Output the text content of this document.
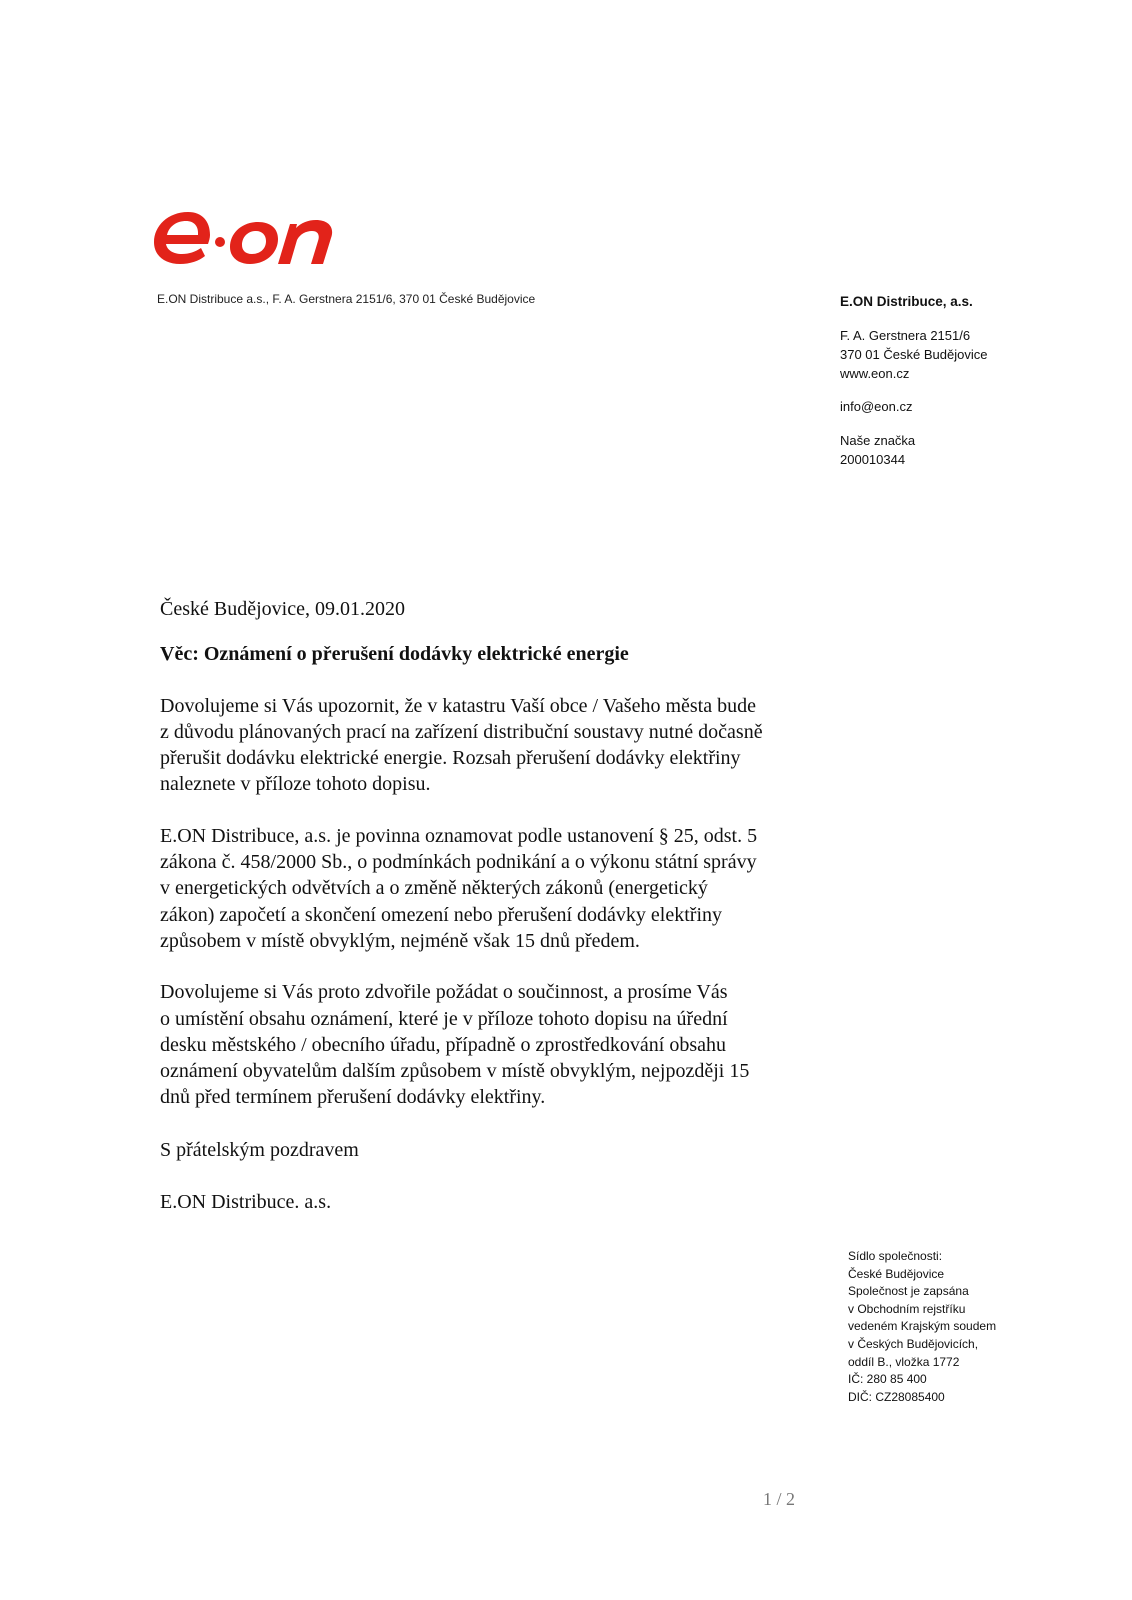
E.ON Distribuce a.s., F. A. Gerstnera 2151/6, 370 01 České Budějovice	E.ON Distribuce, a.s.
F. A. Gerstnera 2151/6
370 01 České Budějovice
www.eon.cz
info@eon.cz
Naše značka
200010344

České Budějovice, 09.01.2020

Věc: Oznámení o přerušení dodávky elektrické energie

Dovolujeme si Vás upozornit, že v katastru Vaší obce / Vašeho města bude
z důvodu plánovaných prací na zařízení distribuční soustavy nutné dočasně
přerušit dodávku elektrické energie. Rozsah přerušení dodávky elektřiny
naleznete v příloze tohoto dopisu.

E.ON Distribuce, a.s. je povinna oznamovat podle ustanovení § 25, odst. 5
zákona č. 458/2000 Sb., o podmínkách podnikání a o výkonu státní správy
v energetických odvětvích a o změně některých zákonů (energetický
zákon) započetí a skončení omezení nebo přerušení dodávky elektřiny
způsobem v místě obvyklým, nejméně však 15 dnů předem.

Dovolujeme si Vás proto zdvořile požádat o součinnost, a prosíme Vás
o umístění obsahu oznámení, které je v příloze tohoto dopisu na úřední
desku městského / obecního úřadu, případně o zprostředkování obsahu
oznámení obyvatelům dalším způsobem v místě obvyklým, nejpozději 15
dnů před termínem přerušení dodávky elektřiny.

S přátelským pozdravem

E.ON Distribuce. a.s.

Sídlo společnosti:
České Budějovice
Společnost je zapsána
v Obchodním rejstříku
vedeném Krajským soudem
v Českých Budějovicích,
oddíl B., vložka 1772
IČ: 280 85 400
DIČ: CZ28085400
1 / 2
